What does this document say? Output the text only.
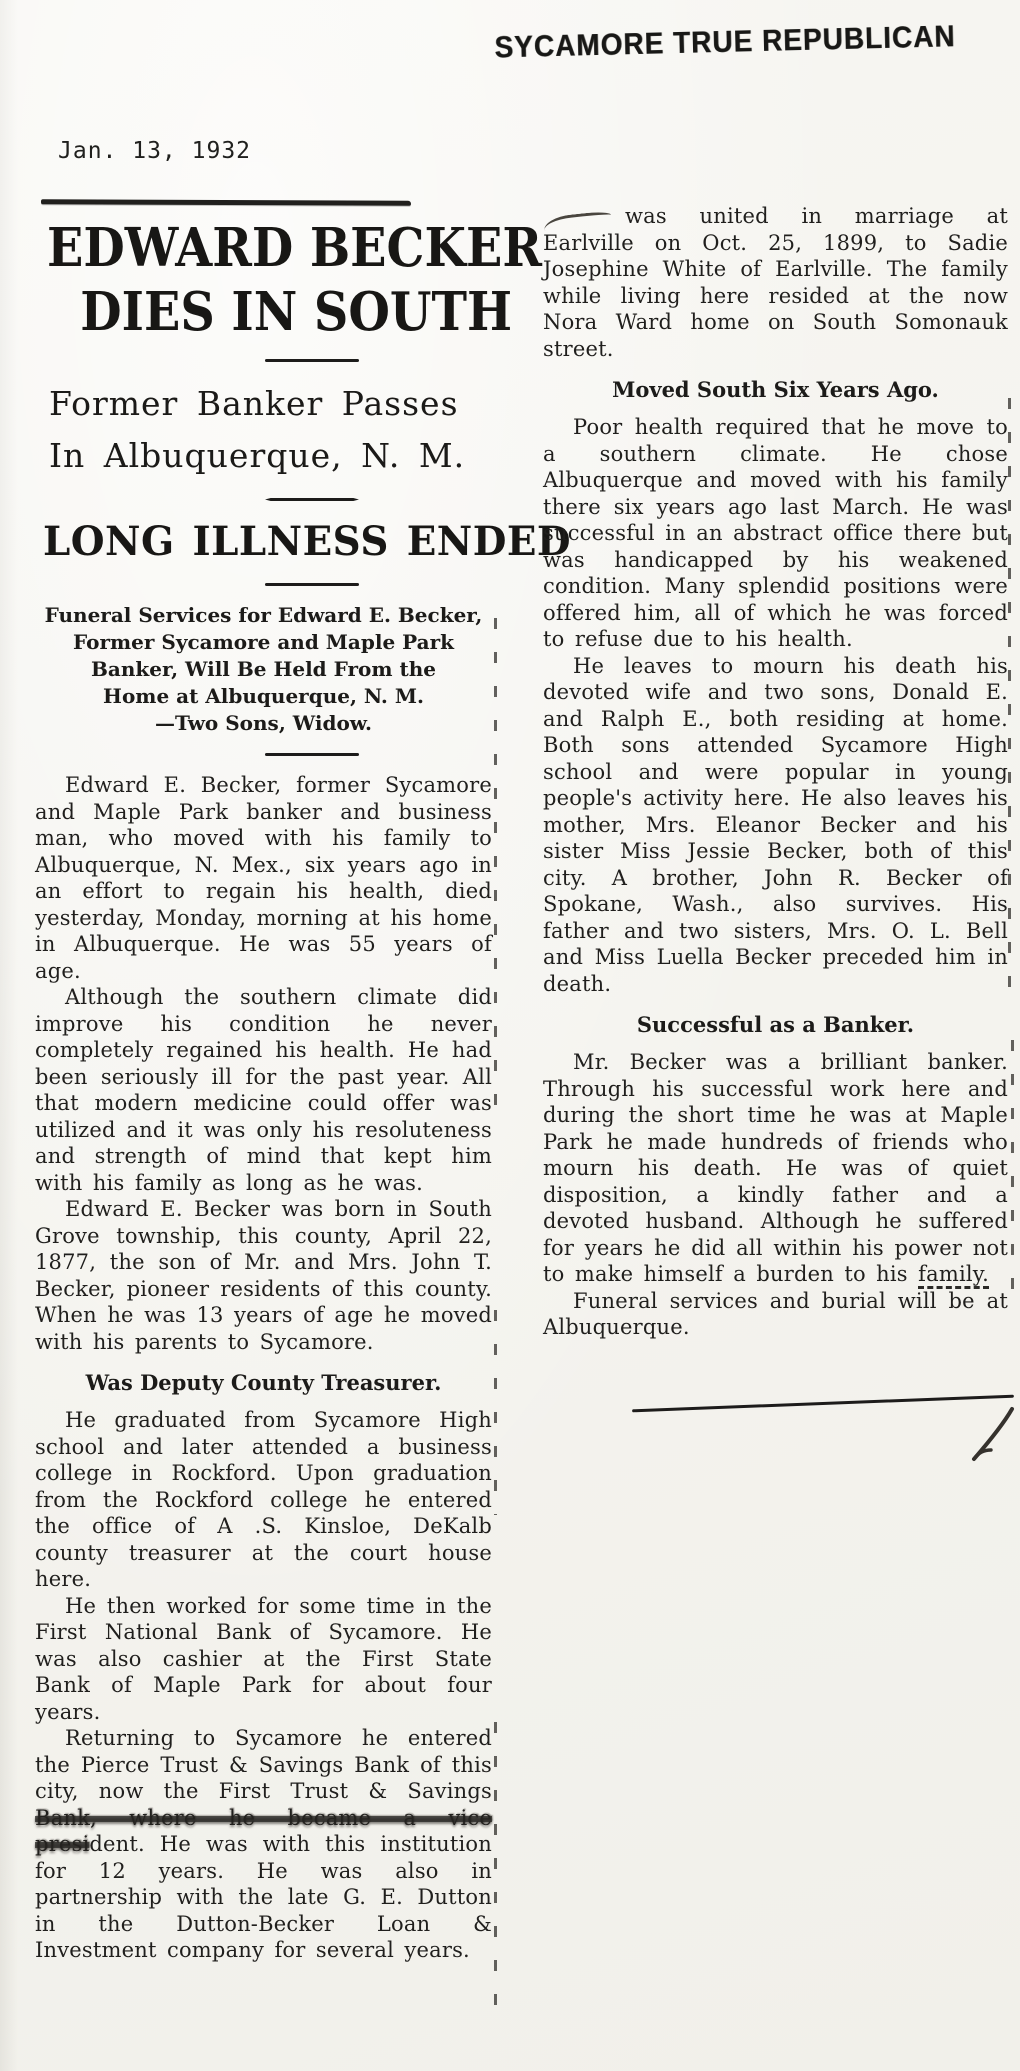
SYCAMORE TRUE REPUBLICAN
Jan. 13, 1932
EDWARD BECKER
DIES IN SOUTH
Former Banker Passes
In Albuquerque, N. M.
LONG ILLNESS ENDED
Funeral Services for Edward E. Becker,
Former Sycamore and Maple Park
Banker, Will Be Held From the
Home at Albuquerque, N. M.
—Two Sons, Widow.

Edward E. Becker, former Sycamore and Maple Park banker and business man, who moved with his family to Albuquerque, N. Mex., six years ago in an effort to regain his health, died yesterday, Monday, morning at his home in Albuquerque. He was 55 years of age.

Although the southern climate did improve his condition he never completely regained his health. He had been seriously ill for the past year. All that modern medicine could offer was utilized and it was only his resoluteness and strength of mind that kept him with his family as long as he was.

Edward E. Becker was born in South Grove township, this county, April 22, 1877, the son of Mr. and Mrs. John T. Becker, pioneer residents of this county. When he was 13 years of age he moved with his parents to Sycamore.

Was Deputy County Treasurer.

He graduated from Sycamore High school and later attended a business college in Rockford. Upon graduation from the Rockford college he entered the office of A .S. Kinsloe, DeKalb county treasurer at the court house here.

He then worked for some time in the First National Bank of Sycamore. He was also cashier at the First State Bank of Maple Park for about four years.

Returning to Sycamore he entered the Pierce Trust & Savings Bank of this city, now the First Trust & Savings Bank, where he became a vice president. He was with this institution for 12 years. He was also in partnership with the late G. E. Dutton in the Dutton-Becker Loan & Investment company for several years.

was united in marriage at Earlville on Oct. 25, 1899, to Sadie Josephine White of Earlville. The family while living here resided at the now Nora Ward home on South Somonauk street.

Moved South Six Years Ago.

Poor health required that he move to a southern climate. He chose Albuquerque and moved with his family there six years ago last March. He was successful in an abstract office there but was handicapped by his weakened condition. Many splendid positions were offered him, all of which he was forced to refuse due to his health.

He leaves to mourn his death his devoted wife and two sons, Donald E. and Ralph E., both residing at home. Both sons attended Sycamore High school and were popular in young people's activity here. He also leaves his mother, Mrs. Eleanor Becker and his sister Miss Jessie Becker, both of this city. A brother, John R. Becker of Spokane, Wash., also survives. His father and two sisters, Mrs. O. L. Bell and Miss Luella Becker preceded him in death.

Successful as a Banker.

Mr. Becker was a brilliant banker. Through his successful work here and during the short time he was at Maple Park he made hundreds of friends who mourn his death. He was of quiet disposition, a kindly father and a devoted husband. Although he suffered for years he did all within his power not to make himself a burden to his family.

Funeral services and burial will be at Albuquerque.
